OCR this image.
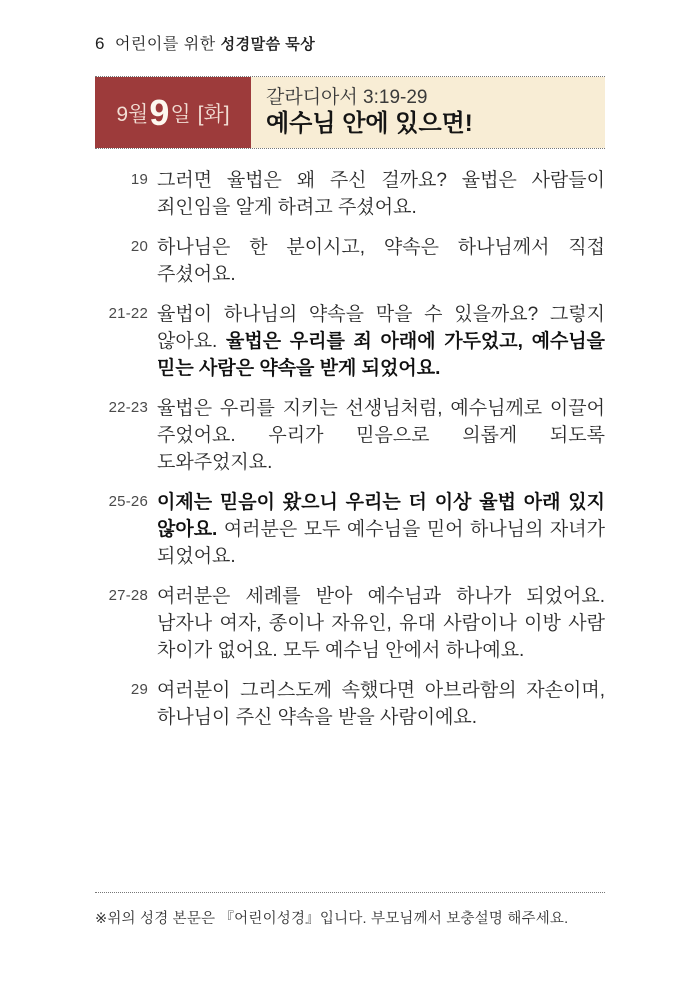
6 어린이를 위한 성경말씀 묵상
9월 9 일 [화]
갈라디아서 3:19-29
예수님 안에 있으면!
19 그러면 율법은 왜 주신 걸까요? 율법은 사람들이 죄인임을 알게 하려고 주셨어요.

20 하나님은 한 분이시고, 약속은 하나님께서 직접 주셨어요.

21-22 율법이 하나님의 약속을 막을 수 있을까요? 그렇지 않아요. 율법은 우리를 죄 아래에 가두었고, 예수님을 믿는 사람은 약속을 받게 되었어요.

22-23 율법은 우리를 지키는 선생님처럼, 예수님께로 이끌어 주었어요. 우리가 믿음으로 의롭게 되도록 도와주었지요.

25-26 이제는 믿음이 왔으니 우리는 더 이상 율법 아래 있지 않아요. 여러분은 모두 예수님을 믿어 하나님의 자녀가 되었어요.

27-28 여러분은 세례를 받아 예수님과 하나가 되었어요. 남자나 여자, 종이나 자유인, 유대 사람이나 이방 사람 차이가 없어요. 모두 예수님 안에서 하나예요.

29 여러분이 그리스도께 속했다면 아브라함의 자손이며, 하나님이 주신 약속을 받을 사람이에요.

※위의 성경 본문은 『어린이성경』입니다. 부모님께서 보충설명 해주세요.
